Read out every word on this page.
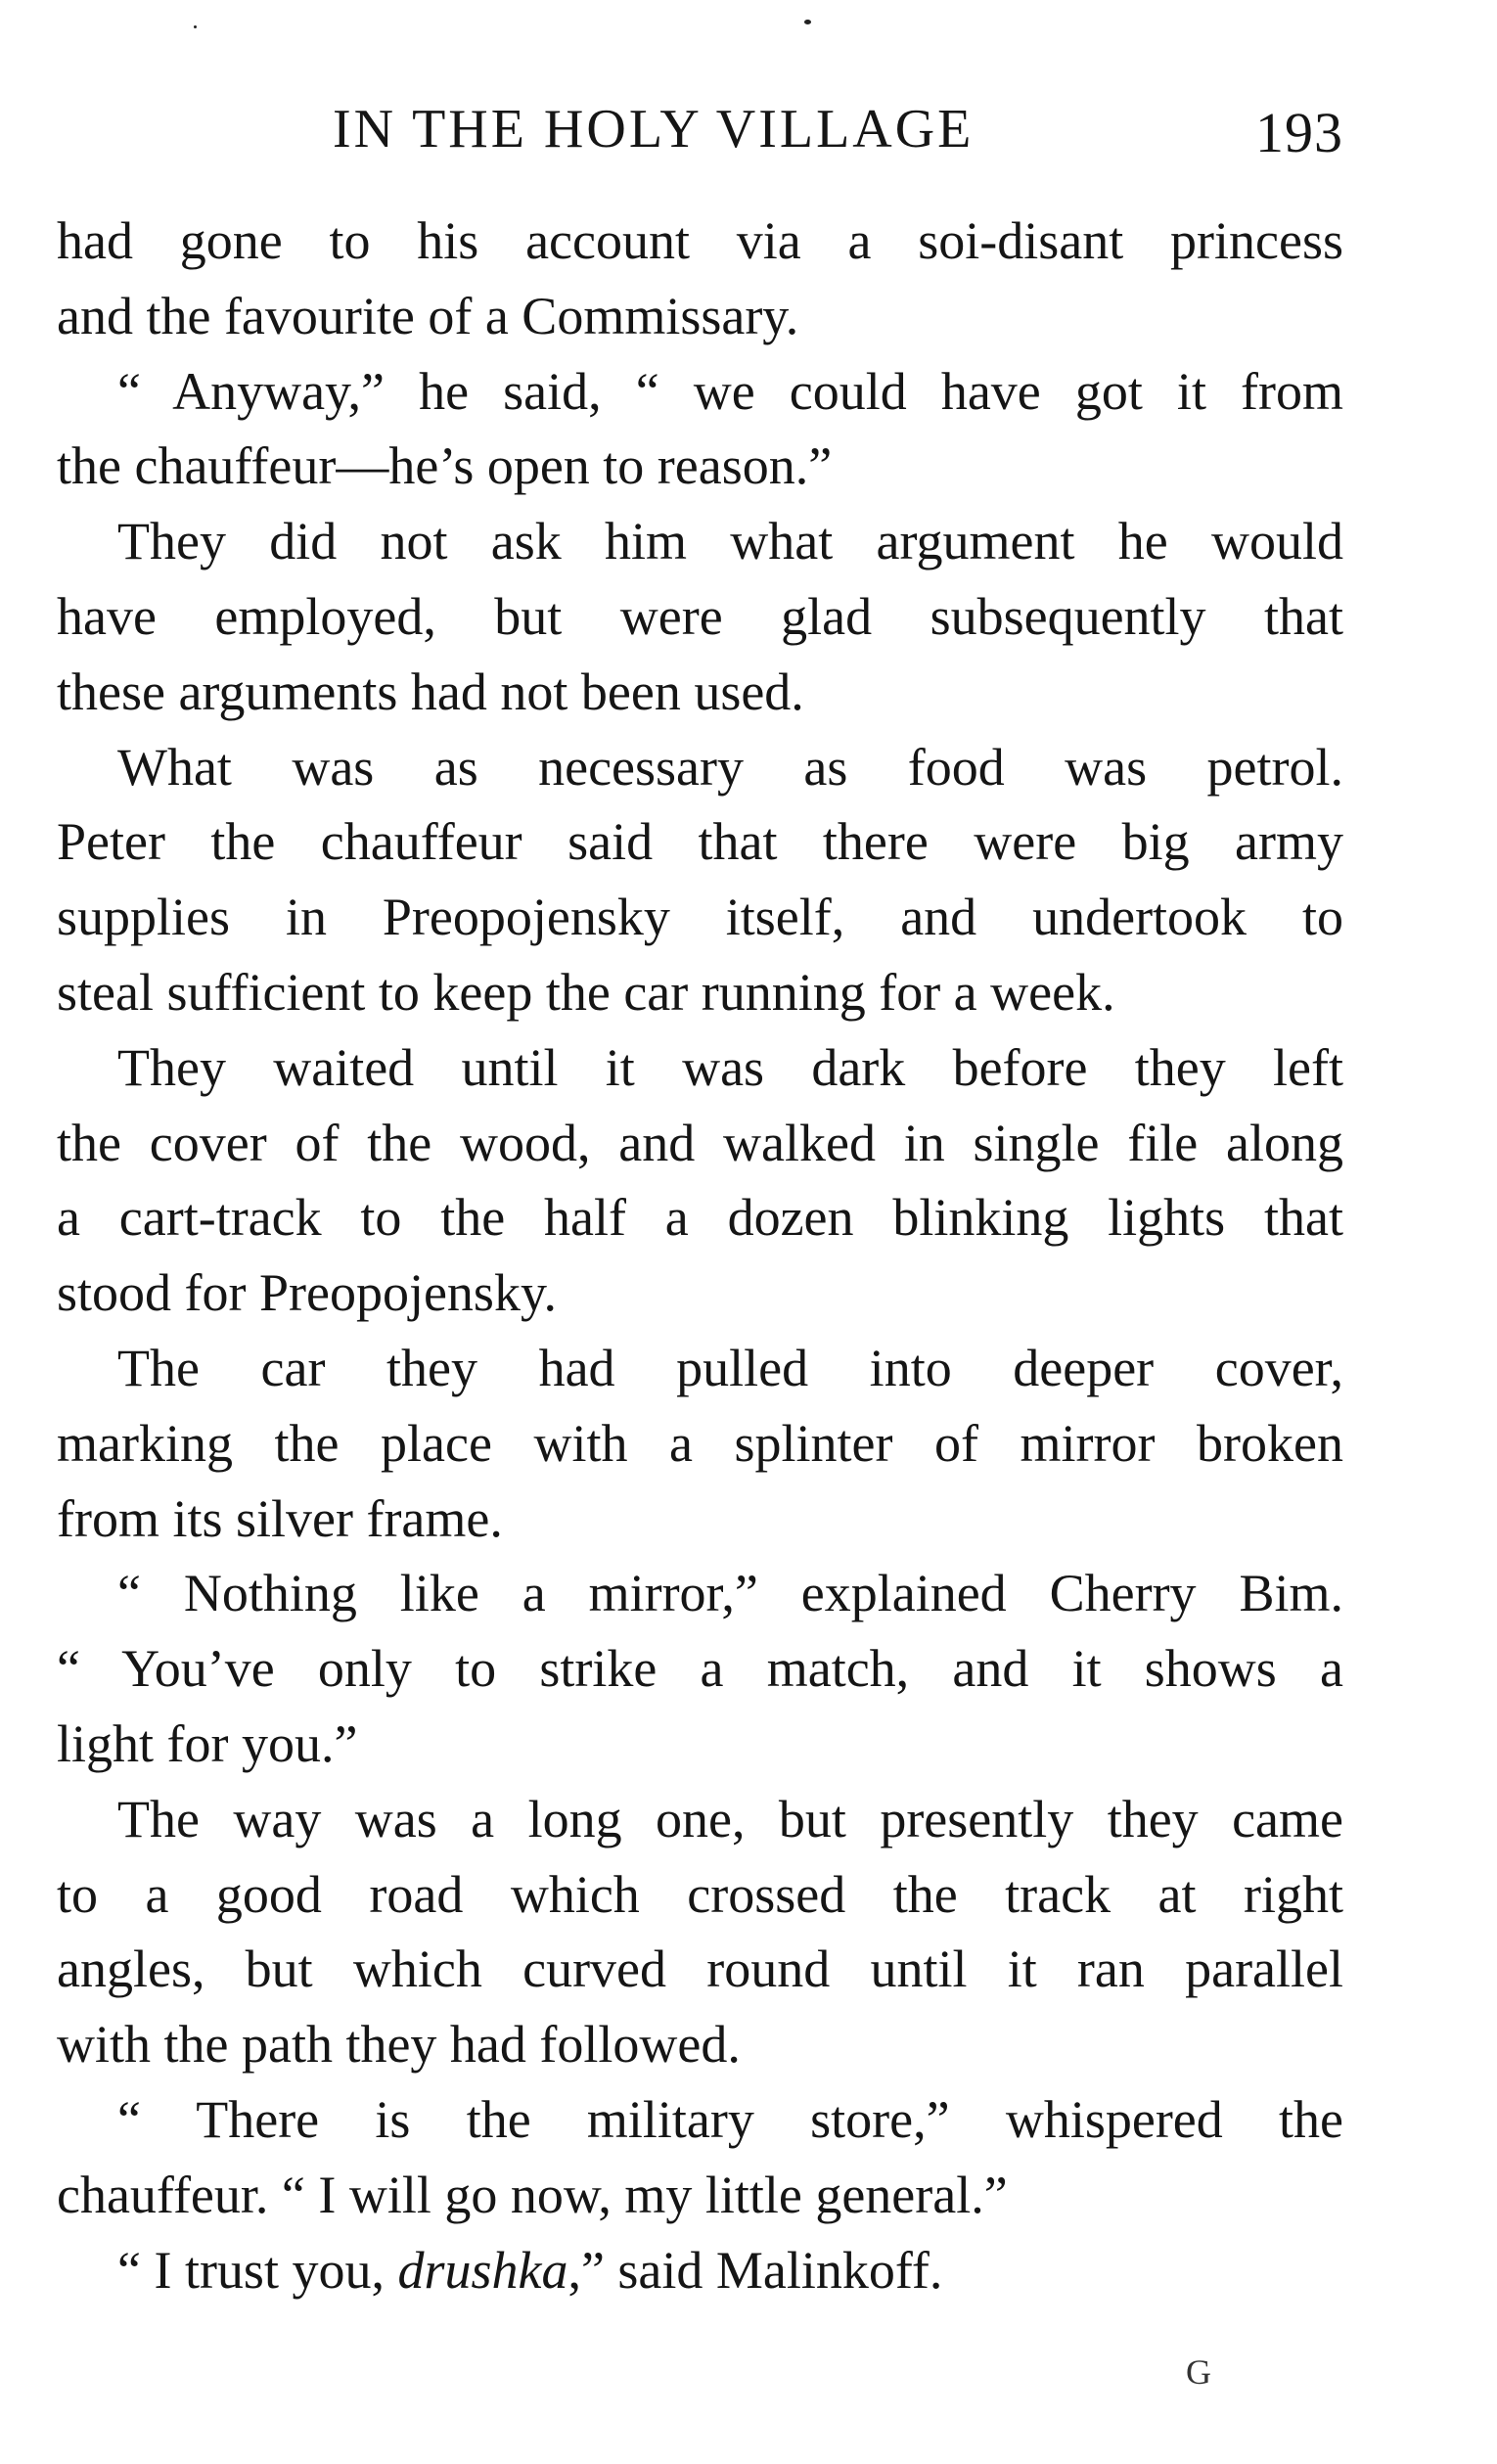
IN THE HOLY VILLAGE	193
had gone to his account via a soi-disant princess
and the favourite of a Commissary.
“ Anyway,” he said, “ we could have got it from
the chauffeur—he’s open to reason.”
They did not ask him what argument he would
have employed, but were glad subsequently that
these arguments had not been used.
What was as necessary as food was petrol.
Peter the chauffeur said that there were big army
supplies in Preopojensky itself, and undertook to
steal sufficient to keep the car running for a week.
They waited until it was dark before they left
the cover of the wood, and walked in single file along
a cart-track to the half a dozen blinking lights that
stood for Preopojensky.
The car they had pulled into deeper cover,
marking the place with a splinter of mirror broken
from its silver frame.
“ Nothing like a mirror,” explained Cherry Bim.
“ You’ve only to strike a match, and it shows a
light for you.”
The way was a long one, but presently they came
to a good road which crossed the track at right
angles, but which curved round until it ran parallel
with the path they had followed.
“ There is the military store,” whispered the
chauffeur. “ I will go now, my little general.”
“ I trust you, drushka,” said Malinkoff.
G
